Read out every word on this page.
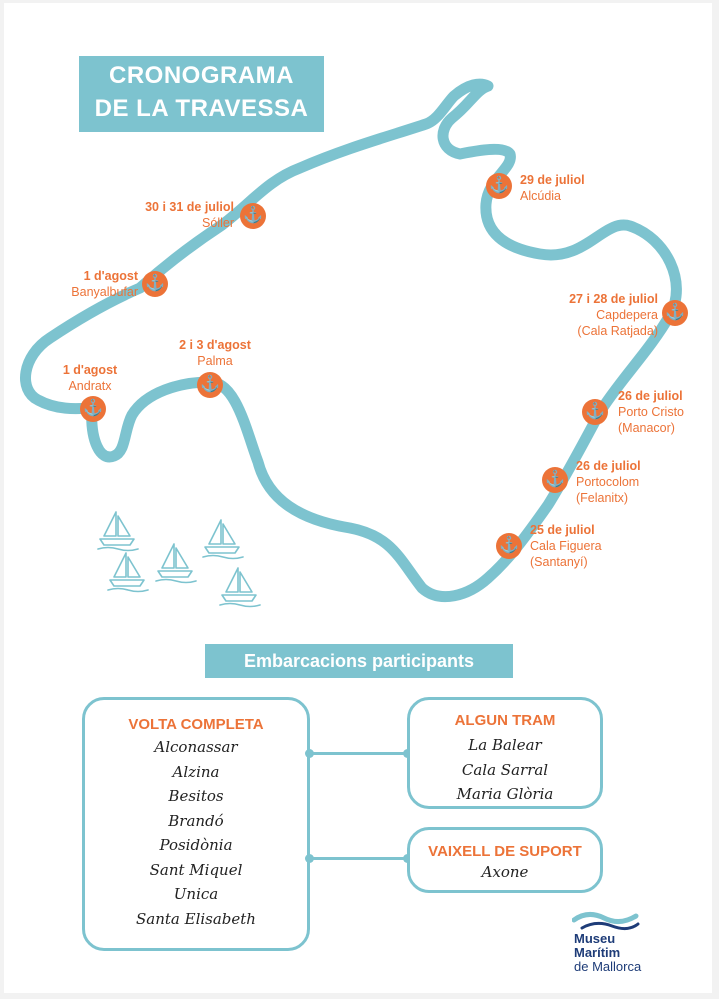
CRONOGRAMA
DE LA TRAVESSA
⚓ 29 de juliol
Alcúdia
⚓
30 i 31 de juliol
Sóller
⚓
1 d'agost
Banyalbufar
⚓
27 i 28 de juliol
Capdepera
(Cala Ratjada)
⚓
2 i 3 d'agost
Palma
⚓
1 d'agost
Andratx
⚓
26 de juliol
Porto Cristo
(Manacor)
⚓
26 de juliol
Portocolom
(Felanitx)
⚓
25 de juliol
Cala Figuera
(Santanyí)
Embarcacions participants
VOLTA COMPLETA
Alconassar
Alzina
Besitos
Brandó
Posidònia
Sant Miquel
Unica
Santa Elisabeth
ALGUN TRAM
La Balear
Cala Sarral
Maria Glòria
VAIXELL DE SUPORT
Axone
Museu
Marítim
de Mallorca
